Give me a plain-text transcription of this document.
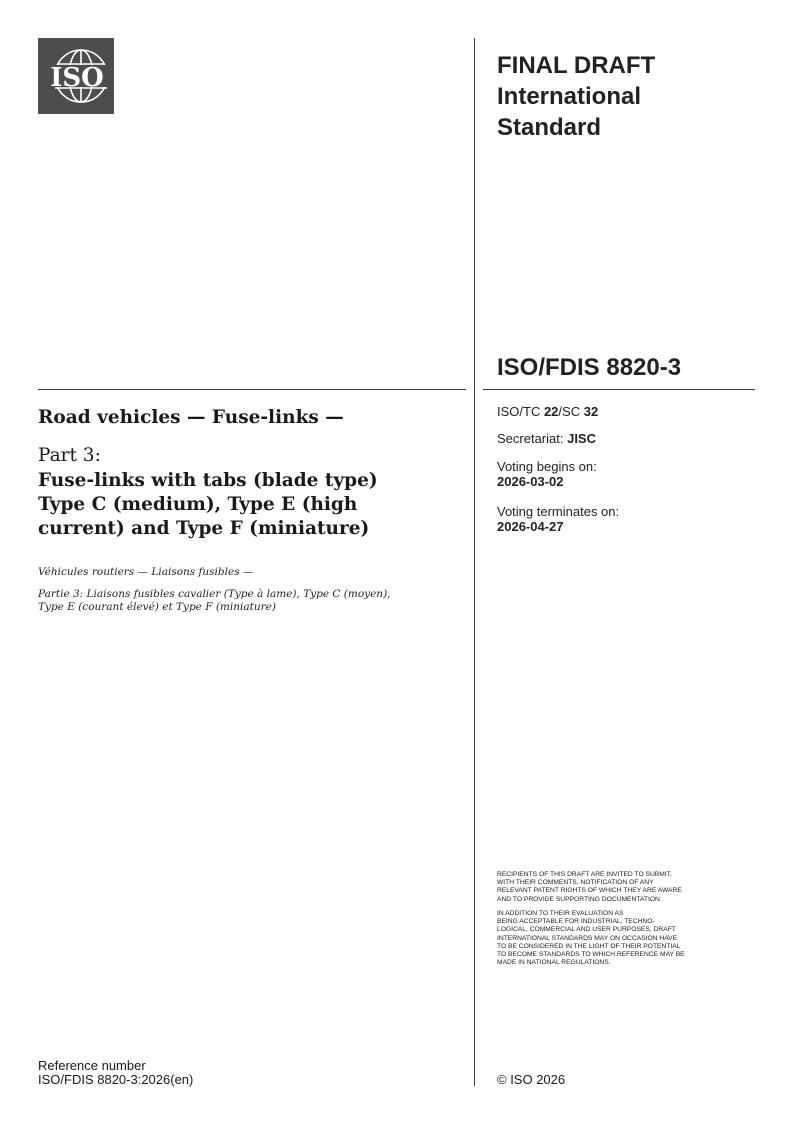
ISO	FINAL DRAFT
International
Standard
ISO/FDIS 8820-3
ISO/TC 22/SC 32
Secretariat: JISC
Voting begins on:
2026-03-02
Voting terminates on:
2026-04-27
Road vehicles — Fuse-links —
Part 3:
Fuse-links with tabs (blade type)
Type C (medium), Type E (high
current) and Type F (miniature)
Véhicules routiers — Liaisons fusibles —
Partie 3: Liaisons fusibles cavalier (Type à lame), Type C (moyen),
Type E (courant élevé) et Type F (miniature)
RECIPIENTS OF THIS DRAFT ARE INVITED TO SUBMIT,
WITH THEIR COMMENTS, NOTIFICATION OF ANY
RELEVANT PATENT RIGHTS OF WHICH THEY ARE AWARE
AND TO PROVIDE SUPPORTING DOCUMENTATION.
IN ADDITION TO THEIR EVALUATION AS
BEING ACCEPTABLE FOR INDUSTRIAL, TECHNO-
LOGICAL, COMMERCIAL AND USER PURPOSES, DRAFT
INTERNATIONAL STANDARDS MAY ON OCCASION HAVE
TO BE CONSIDERED IN THE LIGHT OF THEIR POTENTIAL
TO BECOME STANDARDS TO WHICH REFERENCE MAY BE
MADE IN NATIONAL REGULATIONS.
Reference number
ISO/FDIS 8820-3:2026(en)	© ISO 2026
